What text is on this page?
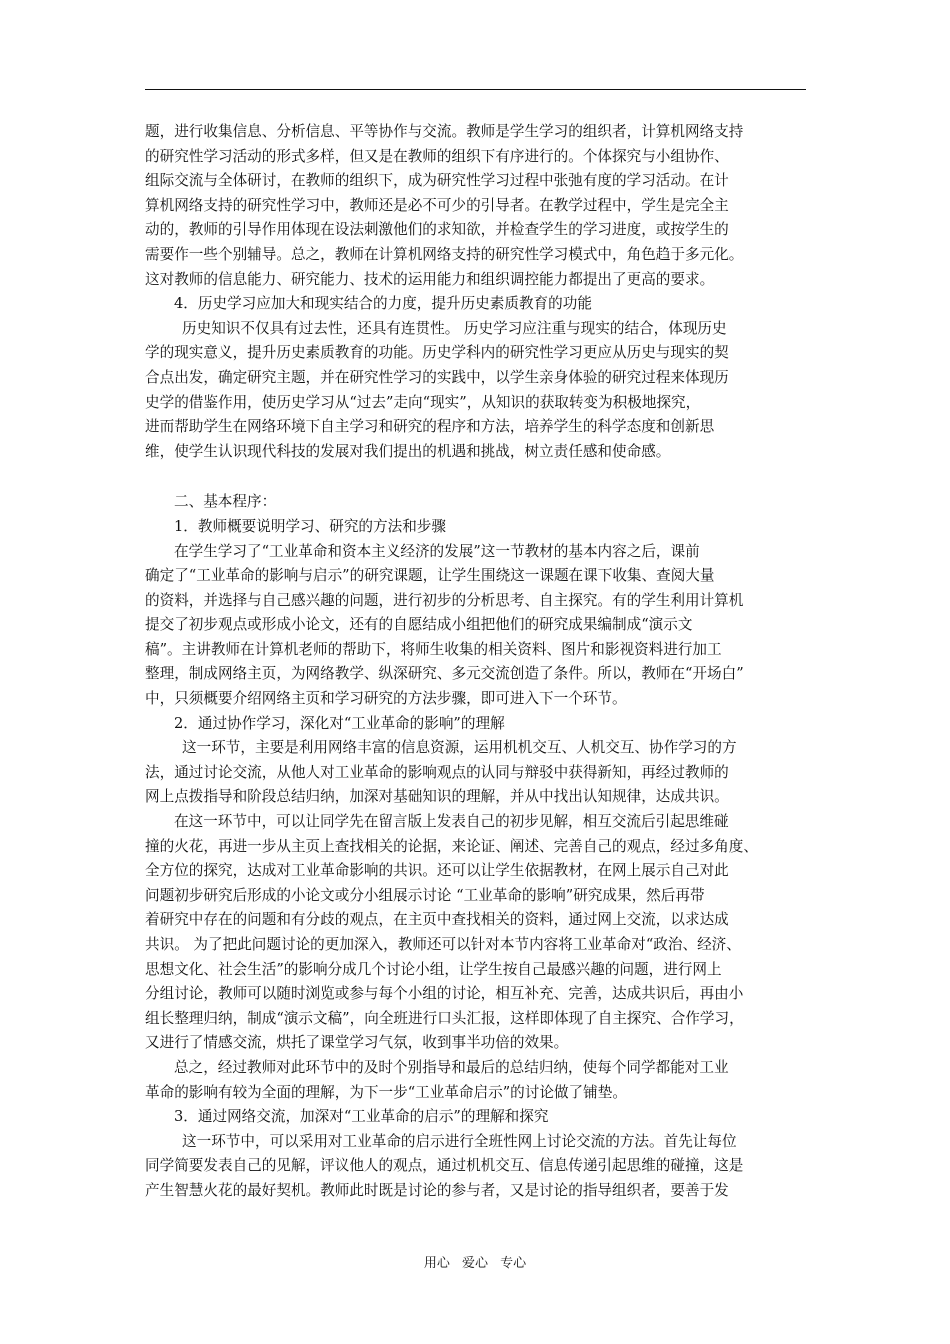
题，进行收集信息、分析信息、平等协作与交流。教师是学生学习的组织者，计算机网络支持
的研究性学习活动的形式多样，但又是在教师的组织下有序进行的。个体探究与小组协作、
组际交流与全体研讨，在教师的组织下，成为研究性学习过程中张弛有度的学习活动。在计
算机网络支持的研究性学习中，教师还是必不可少的引导者。在教学过程中，学生是完全主
动的，教师的引导作用体现在设法刺激他们的求知欲，并检查学生的学习进度，或按学生的
需要作一些个别辅导。总之，教师在计算机网络支持的研究性学习模式中，角色趋于多元化。
这对教师的信息能力、研究能力、技术的运用能力和组织调控能力都提出了更高的要求。
4．历史学习应加大和现实结合的力度，提升历史素质教育的功能
历史知识不仅具有过去性，还具有连贯性。 历史学习应注重与现实的结合，体现历史
学的现实意义，提升历史素质教育的功能。历史学科内的研究性学习更应从历史与现实的契
合点出发，确定研究主题，并在研究性学习的实践中，以学生亲身体验的研究过程来体现历
史学的借鉴作用，使历史学习从“过去”走向“现实”，从知识的获取转变为积极地探究，
进而帮助学生在网络环境下自主学习和研究的程序和方法，培养学生的科学态度和创新思
维，使学生认识现代科技的发展对我们提出的机遇和挑战，树立责任感和使命感。
二、基本程序：
1．教师概要说明学习、研究的方法和步骤
在学生学习了“工业革命和资本主义经济的发展”这一节教材的基本内容之后，课前
确定了“工业革命的影响与启示”的研究课题，让学生围绕这一课题在课下收集、查阅大量
的资料，并选择与自己感兴趣的问题，进行初步的分析思考、自主探究。有的学生利用计算机
提交了初步观点或形成小论文，还有的自愿结成小组把他们的研究成果编制成“演示文
稿”。主讲教师在计算机老师的帮助下，将师生收集的相关资料、图片和影视资料进行加工
整理，制成网络主页，为网络教学、纵深研究、多元交流创造了条件。所以，教师在“开场白”
中，只须概要介绍网络主页和学习研究的方法步骤，即可进入下一个环节。
2．通过协作学习，深化对“工业革命的影响”的理解
这一环节，主要是利用网络丰富的信息资源，运用机机交互、人机交互、协作学习的方
法，通过讨论交流，从他人对工业革命的影响观点的认同与辩驳中获得新知，再经过教师的
网上点拨指导和阶段总结归纳，加深对基础知识的理解，并从中找出认知规律，达成共识。
在这一环节中，可以让同学先在留言版上发表自己的初步见解，相互交流后引起思维碰
撞的火花，再进一步从主页上查找相关的论据，来论证、阐述、完善自己的观点，经过多角度、
全方位的探究，达成对工业革命影响的共识。还可以让学生依据教材，在网上展示自己对此
问题初步研究后形成的小论文或分小组展示讨论 “工业革命的影响”研究成果，然后再带
着研究中存在的问题和有分歧的观点，在主页中查找相关的资料，通过网上交流，以求达成
共识。 为了把此问题讨论的更加深入，教师还可以针对本节内容将工业革命对“政治、经济、
思想文化、社会生活”的影响分成几个讨论小组，让学生按自己最感兴趣的问题，进行网上
分组讨论，教师可以随时浏览或参与每个小组的讨论，相互补充、完善，达成共识后，再由小
组长整理归纳，制成“演示文稿”，向全班进行口头汇报，这样即体现了自主探究、合作学习，
又进行了情感交流，烘托了课堂学习气氛，收到事半功倍的效果。
总之，经过教师对此环节中的及时个别指导和最后的总结归纳，使每个同学都能对工业
革命的影响有较为全面的理解，为下一步“工业革命启示”的讨论做了铺垫。
3．通过网络交流，加深对“工业革命的启示”的理解和探究
这一环节中，可以采用对工业革命的启示进行全班性网上讨论交流的方法。首先让每位
同学简要发表自己的见解，评议他人的观点，通过机机交互、信息传递引起思维的碰撞，这是
产生智慧火花的最好契机。教师此时既是讨论的参与者，又是讨论的指导组织者，要善于发
用心 爱心 专心
